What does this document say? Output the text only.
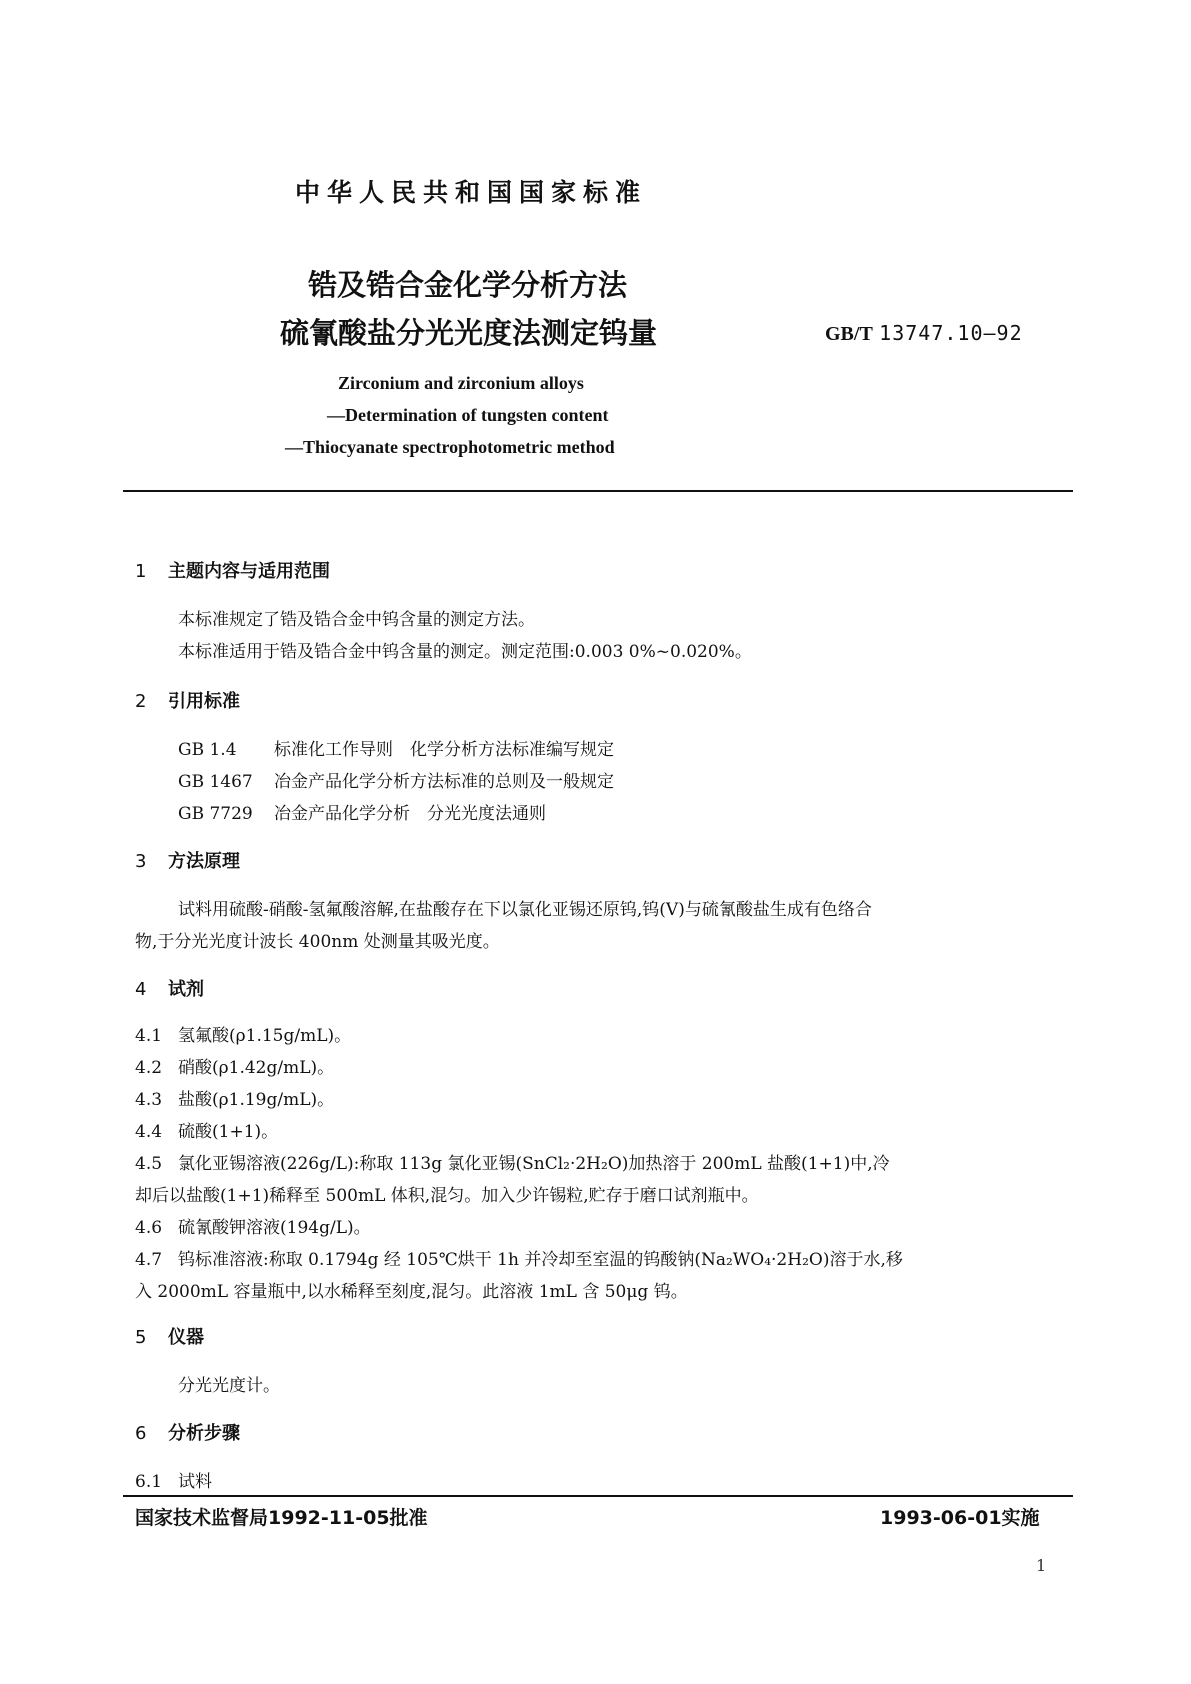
中华人民共和国国家标准
锆及锆合金化学分析方法
硫氰酸盐分光光度法测定钨量	GB/T 13747.10—92
Zirconium and zirconium alloys
—Determination of tungsten content
—Thiocyanate spectrophotometric method
1 主题内容与适用范围
本标准规定了锆及锆合金中钨含量的测定方法。
本标准适用于锆及锆合金中钨含量的测定。测定范围:0.003 0%~0.020%。
2 引用标准
GB 1.4 标准化工作导则　化学分析方法标准编写规定
GB 1467 冶金产品化学分析方法标准的总则及一般规定
GB 7729 冶金产品化学分析　分光光度法通则
3 方法原理
试料用硫酸-硝酸-氢氟酸溶解,在盐酸存在下以氯化亚锡还原钨,钨(V)与硫氰酸盐生成有色络合
物,于分光光度计波长 400nm 处测量其吸光度。
4 试剂
4.1 氢氟酸(ρ1.15g/mL)。
4.2 硝酸(ρ1.42g/mL)。
4.3 盐酸(ρ1.19g/mL)。
4.4 硫酸(1+1)。
4.5 氯化亚锡溶液(226g/L):称取 113g 氯化亚锡(SnCl₂·2H₂O)加热溶于 200mL 盐酸(1+1)中,冷
却后以盐酸(1+1)稀释至 500mL 体积,混匀。加入少许锡粒,贮存于磨口试剂瓶中。
4.6 硫氰酸钾溶液(194g/L)。
4.7 钨标准溶液:称取 0.1794g 经 105℃烘干 1h 并冷却至室温的钨酸钠(Na₂WO₄·2H₂O)溶于水,移
入 2000mL 容量瓶中,以水稀释至刻度,混匀。此溶液 1mL 含 50μg 钨。
5 仪器
分光光度计。
6 分析步骤
6.1 试料
国家技术监督局1992-11-05批准	1993-06-01实施
1
